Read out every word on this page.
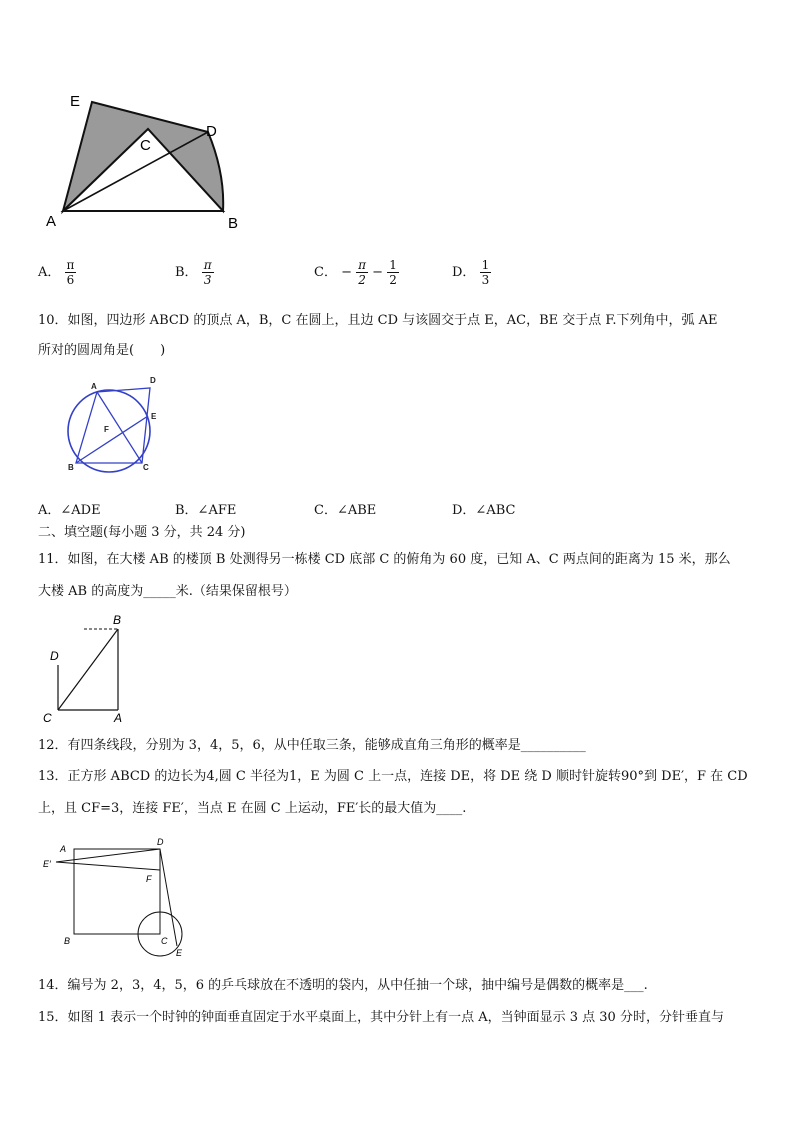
E
C
D
A	B
A． $\frac{\pi}{6}$	B． $\frac{\pi}{3}$	C． − $\frac{\pi}{2} - \frac{1}{2}$	D． $\frac{1}{3}$
10．如图，四边形 ABCD 的顶点 A，B，C 在圆上，且边 CD 与该圆交于点 E，AC，BE 交于点 F.下列角中，弧 AE
所对的圆周角是(　　)
A
D
E
F
B	C
A．∠ADE	B．∠AFE	C．∠ABE	D．∠ABC
二、填空题(每小题 3 分，共 24 分)
11．如图，在大楼 AB 的楼顶 B 处测得另一栋楼 CD 底部 C 的俯角为 60 度，已知 A、C 两点间的距离为 15 米，那么
大楼 AB 的高度为_____米.（结果保留根号）
B
D
C	A
12．有四条线段，分别为 3，4，5，6，从中任取三条，能够成直角三角形的概率是__________
13．正方形 ABCD 的边长为4,圆 C 半径为1，E 为圆 C 上一点，连接 DE，将 DE 绕 D 顺时针旋转90°到 DE′，F 在 CD
上，且 CF=3，连接 FE′，当点 E 在圆 C 上运动，FE′长的最大值为____.
A
D
E′
F
B	C
E
14．编号为 2，3，4，5，6 的乒乓球放在不透明的袋内，从中任抽一个球，抽中编号是偶数的概率是___.
15．如图 1 表示一个时钟的钟面垂直固定于水平桌面上，其中分针上有一点 A，当钟面显示 3 点 30 分时，分针垂直与
